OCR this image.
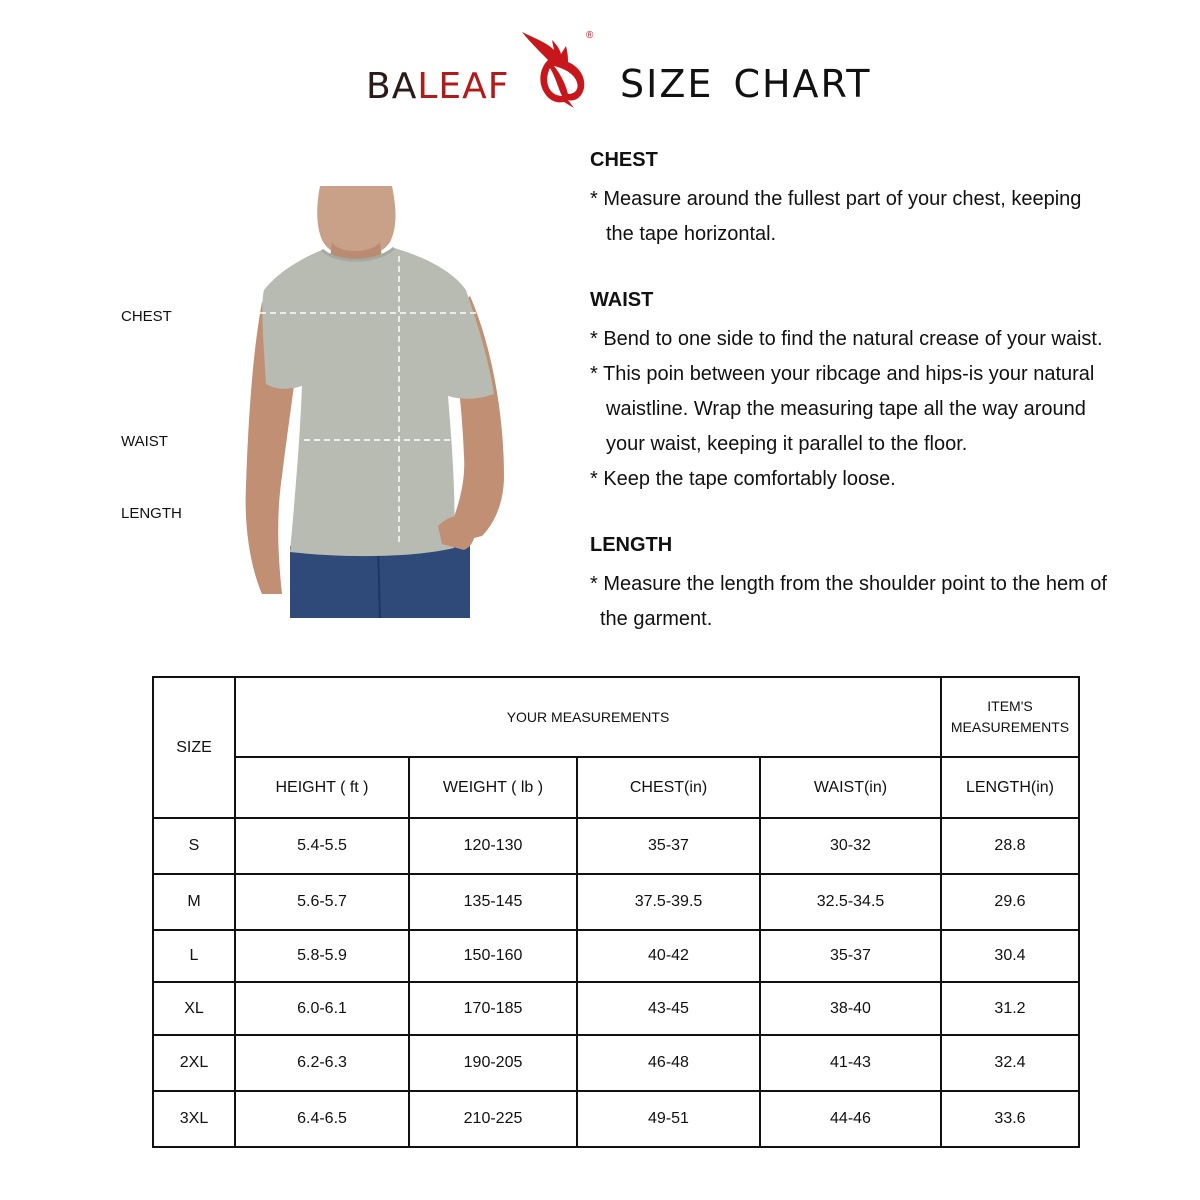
BALEAF
®
SIZE CHART
CHEST
WAIST
LENGTH
CHEST
* Measure around the fullest part of your chest, keeping
the tape horizontal.
WAIST
* Bend to one side to find the natural crease of your waist.
* This poin between your ribcage and hips-is your natural
waistline. Wrap the measuring tape all the way around
your waist, keeping it parallel to the floor.
* Keep the tape comfortably loose.
LENGTH
* Measure the length from the shoulder point to the hem of
the garment.
SIZE	YOUR MEASUREMENTS				ITEM'S
MEASUREMENTS
	HEIGHT ( ft )	WEIGHT ( lb )	CHEST(in)	WAIST(in)	LENGTH(in)
S	5.4-5.5	120-130	35-37	30-32	28.8
M	5.6-5.7	135-145	37.5-39.5	32.5-34.5	29.6
L	5.8-5.9	150-160	40-42	35-37	30.4
XL	6.0-6.1	170-185	43-45	38-40	31.2
2XL	6.2-6.3	190-205	46-48	41-43	32.4
3XL	6.4-6.5	210-225	49-51	44-46	33.6
